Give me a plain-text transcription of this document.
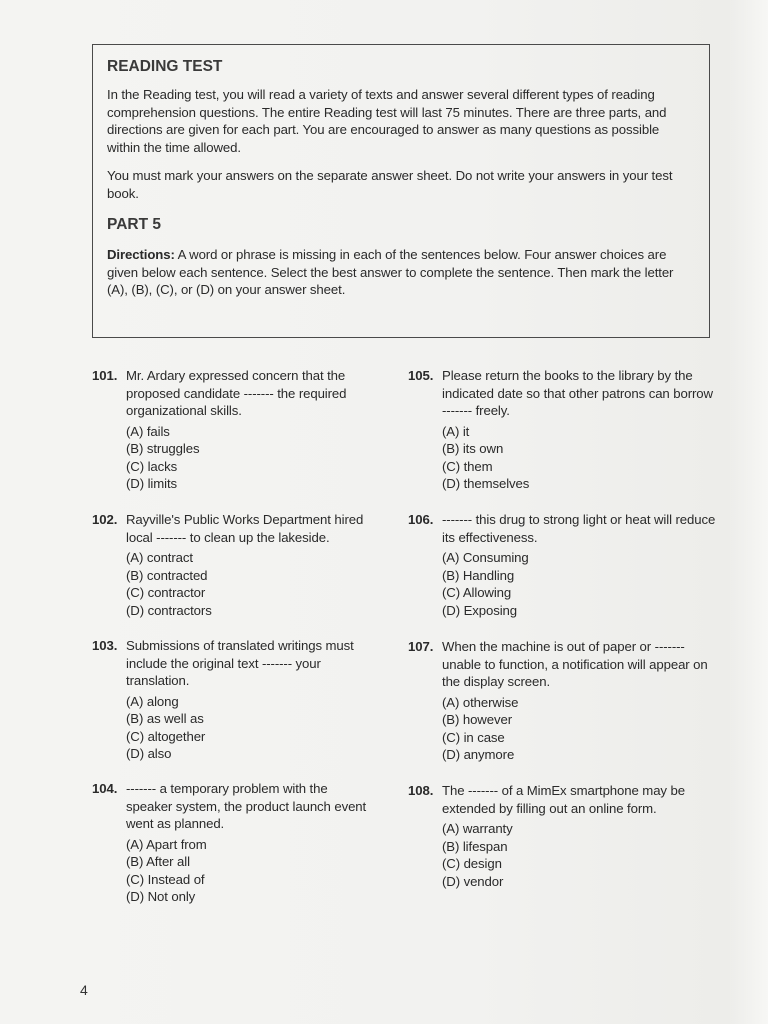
READING TEST

In the Reading test, you will read a variety of texts and answer several different types of reading comprehension questions. The entire Reading test will last 75 minutes. There are three parts, and directions are given for each part. You are encouraged to answer as many questions as possible within the time allowed.

You must mark your answers on the separate answer sheet. Do not write your answers in your test book.

PART 5

Directions: A word or phrase is missing in each of the sentences below. Four answer choices are given below each sentence. Select the best answer to complete the sentence. Then mark the letter (A), (B), (C), or (D) on your answer sheet.

101. Mr. Ardary expressed concern that the proposed candidate ------- the required organizational skills.
(A) fails
(B) struggles
(C) lacks
(D) limits
102. Rayville's Public Works Department hired local ------- to clean up the lakeside.
(A) contract
(B) contracted
(C) contractor
(D) contractors
103. Submissions of translated writings must include the original text ------- your translation.
(A) along
(B) as well as
(C) altogether
(D) also
104. ------- a temporary problem with the speaker system, the product launch event went as planned.
(A) Apart from
(B) After all
(C) Instead of
(D) Not only
105. Please return the books to the library by the indicated date so that other patrons can borrow ------- freely.
(A) it
(B) its own
(C) them
(D) themselves
106. ------- this drug to strong light or heat will reduce its effectiveness.
(A) Consuming
(B) Handling
(C) Allowing
(D) Exposing
107. When the machine is out of paper or ------- unable to function, a notification will appear on the display screen.
(A) otherwise
(B) however
(C) in case
(D) anymore
108. The ------- of a MimEx smartphone may be extended by filling out an online form.
(A) warranty
(B) lifespan
(C) design
(D) vendor
4
